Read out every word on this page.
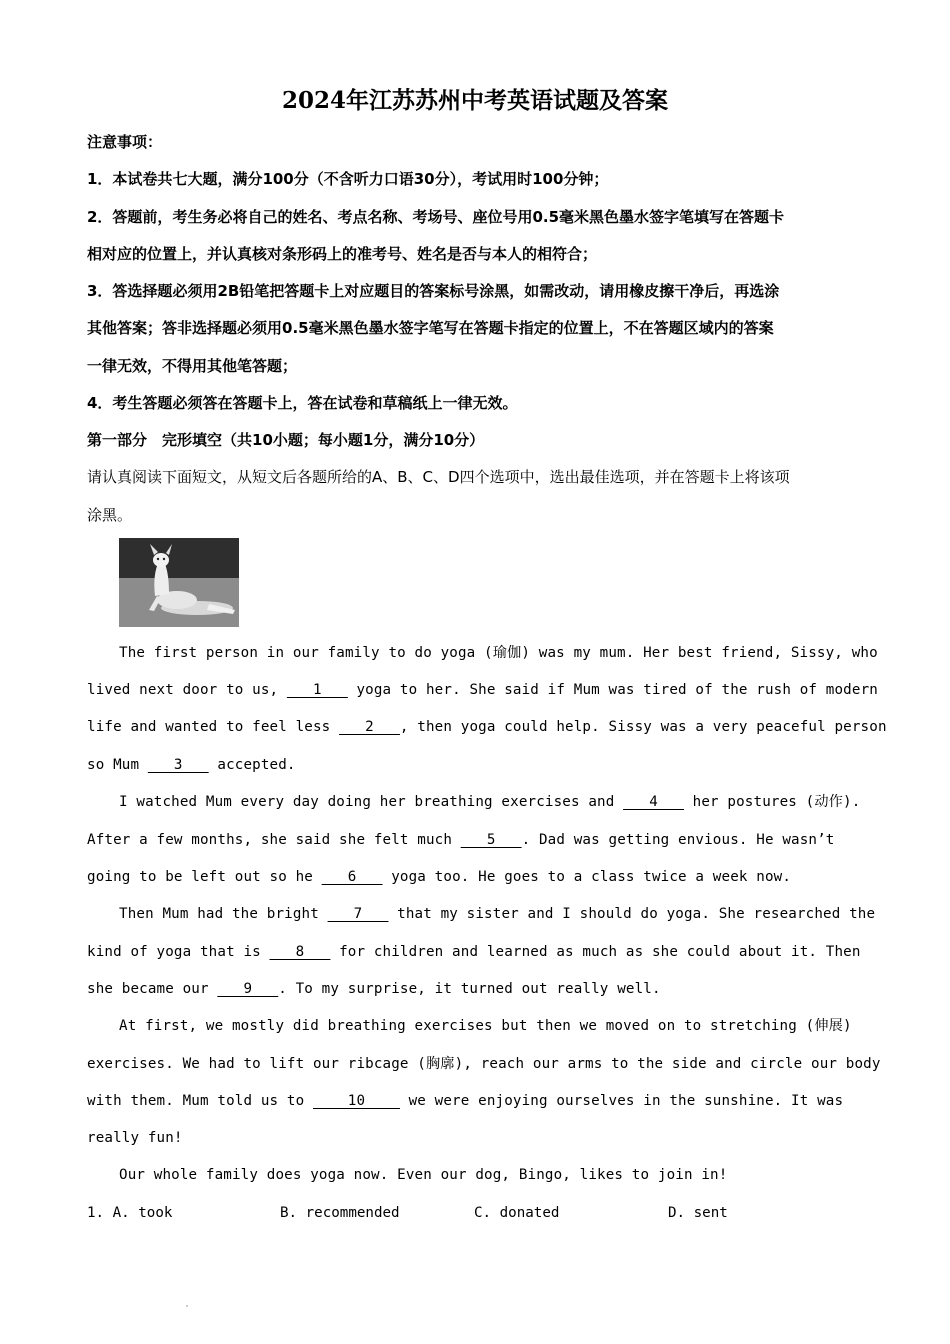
2024年江苏苏州中考英语试题及答案
注意事项：
1．本试卷共七大题，满分100分（不含听力口语30分），考试用时100分钟；
2．答题前，考生务必将自己的姓名、考点名称、考场号、座位号用0.5毫米黑色墨水签字笔填写在答题卡
相对应的位置上，并认真核对条形码上的准考号、姓名是否与本人的相符合；
3．答选择题必须用2B铅笔把答题卡上对应题目的答案标号涂黑，如需改动，请用橡皮擦干净后，再选涂
其他答案；答非选择题必须用0.5毫米黑色墨水签字笔写在答题卡指定的位置上，不在答题区域内的答案
一律无效，不得用其他笔答题；
4．考生答题必须答在答题卡上，答在试卷和草稿纸上一律无效。
第一部分　完形填空（共10小题；每小题1分，满分10分）
请认真阅读下面短文，从短文后各题所给的A、B、C、D四个选项中，选出最佳选项，并在答题卡上将该项
涂黑。
The first person in our family to do yoga (瑜伽) was my mum. Her best friend, Sissy, who
lived next door to us, ___1___ yoga to her. She said if Mum was tired of the rush of modern
life and wanted to feel less ___2___, then yoga could help. Sissy was a very peaceful person
so Mum ___3___ accepted.
I watched Mum every day doing her breathing exercises and ___4___ her postures (动作).
After a few months, she said she felt much ___5___. Dad was getting envious. He wasn’t
going to be left out so he ___6___ yoga too. He goes to a class twice a week now.
Then Mum had the bright ___7___ that my sister and I should do yoga. She researched the
kind of yoga that is ___8___ for children and learned as much as she could about it. Then
she became our ___9___. To my surprise, it turned out really well.
At first, we mostly did breathing exercises but then we moved on to stretching (伸展)
exercises. We had to lift our ribcage (胸廓), reach our arms to the side and circle our body
with them. Mum told us to ____10____ we were enjoying ourselves in the sunshine. It was
really fun!
Our whole family does yoga now. Even our dog, Bingo, likes to join in!
1. A. took	B. recommended	C. donated	D. sent
